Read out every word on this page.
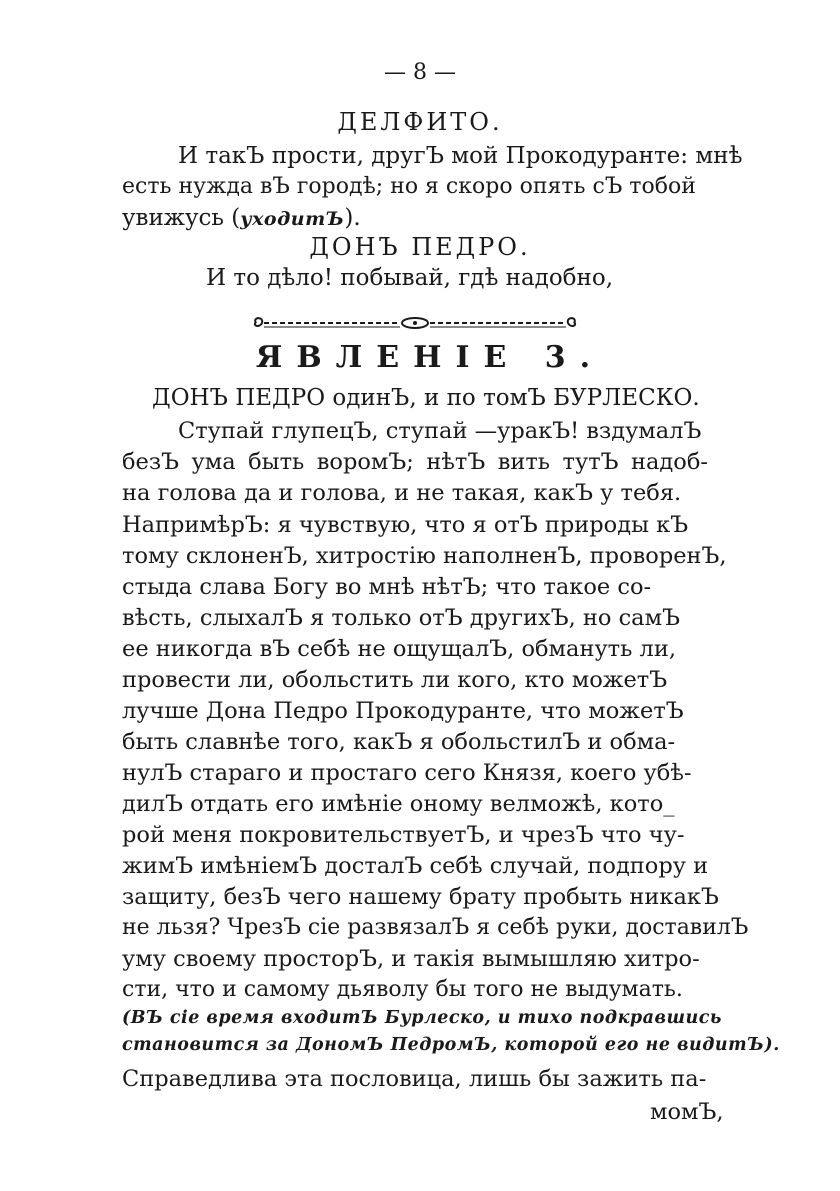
— 8 —
ДЕЛФИТО.
И такЪ прости, другЪ мой Прокодуранте: мнѣ
есть нужда вЪ городѣ; но я скоро опять сЪ тобой
увижусь (уходитЪ).
ДОНЪ ПЕДРО.
И то дѣло! побывай, гдѣ надобно,
ЯВЛЕНІЕ 3.
ДОНЪ ПЕДРО одинЪ, и по томЪ БУРЛЕСКО.
Ступай глупецЪ, ступай —уракЪ! вздумалЪ
безЪ ума быть воромЪ; нѣтЪ вить тутЪ надоб-
на голова да и голова, и не такая, какЪ у тебя.
НапримѣрЪ: я чувствую, что я отЪ природы кЪ
тому склоненЪ, хитростію наполненЪ, проворенЪ,
стыда слава Богу во мнѣ нѣтЪ; что такое со-
вѣсть, слыхалЪ я только отЪ другихЪ, но самЪ
ее никогда вЪ себѣ не ощущалЪ, обмануть ли,
провести ли, обольстить ли кого, кто можетЪ
лучше Дона Педро Прокодуранте, что можетЪ
быть славнѣе того, какЪ я обольстилЪ и обма-
нулЪ стараго и простаго сего Князя, коего убѣ-
дилЪ отдать его имѣніе оному велможѣ, кото_
рой меня покровительствуетЪ, и чрезЪ что чу-
жимЪ имѣніемЪ досталЪ себѣ случай, подпору и
защиту, безЪ чего нашему брату пробыть никакЪ
не льзя? ЧрезЪ сіе развязалЪ я себѣ руки, доставилЪ
уму своему просторЪ, и такія вымышляю хитро-
сти, что и самому дьяволу бы того не выдумать.
(ВЪ сіе время входитЪ Бурлеско, и тихо подкравшись
становится за ДономЪ ПедромЪ, которой его не видитЪ).
Справедлива эта пословица, лишь бы зажить па-
момЪ,
